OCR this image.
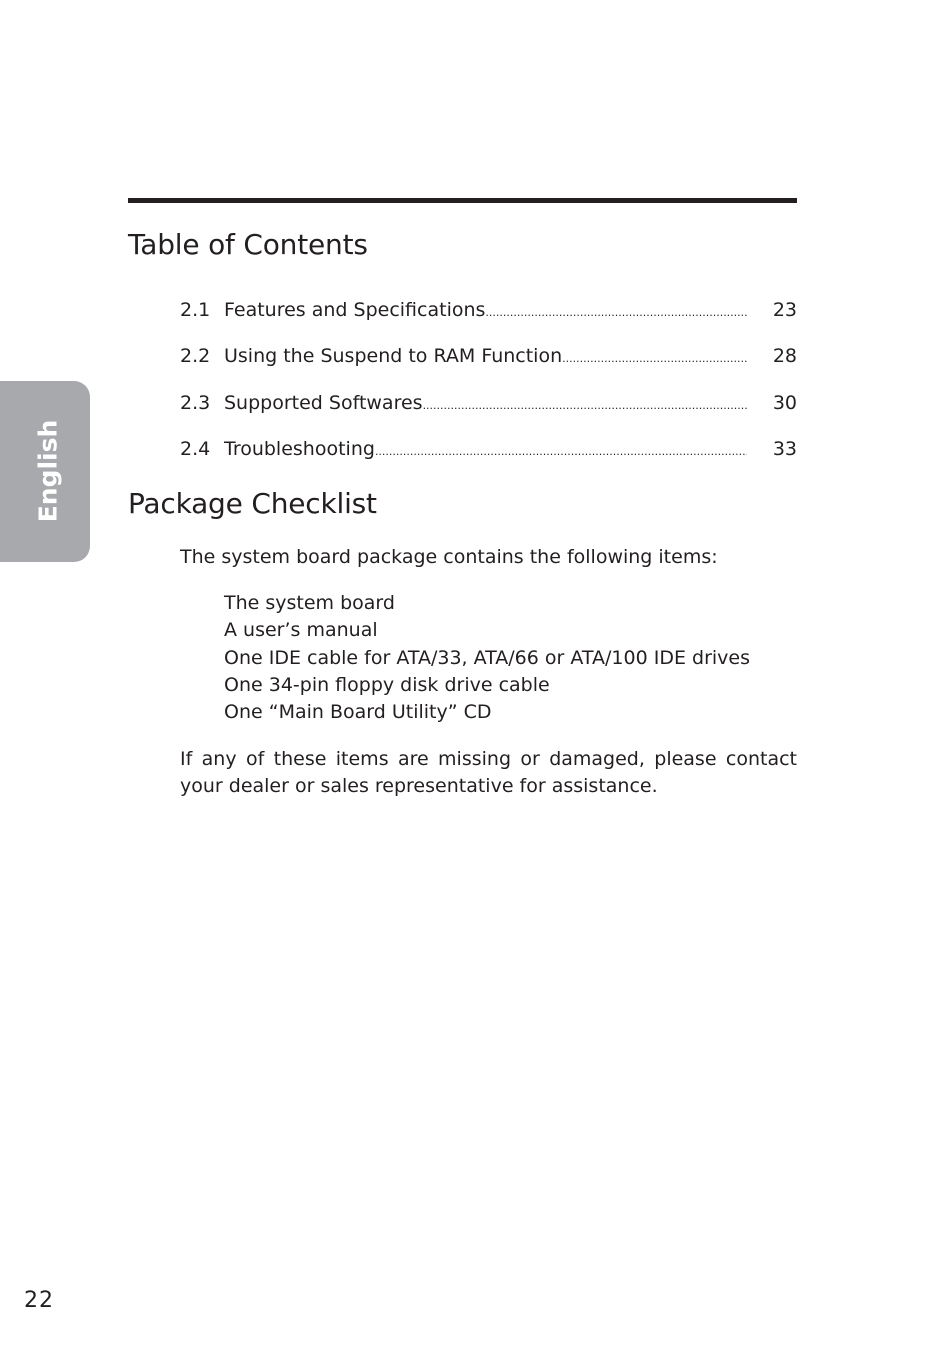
Table of Contents
2.1 Features and Specifications .....	23
2.2 Using the Suspend to RAM Function .....	28
2.3 Supported Softwares .....	30
2.4 Troubleshooting .....	33
Package Checklist

The system board package contains the following items:

The system board
A user’s manual
One IDE cable for ATA/33, ATA/66 or ATA/100 IDE drives
One 34-pin floppy disk drive cable
One “Main Board Utility” CD

If any of these items are missing or damaged, please contact your dealer or sales representative for assistance.

English
22
